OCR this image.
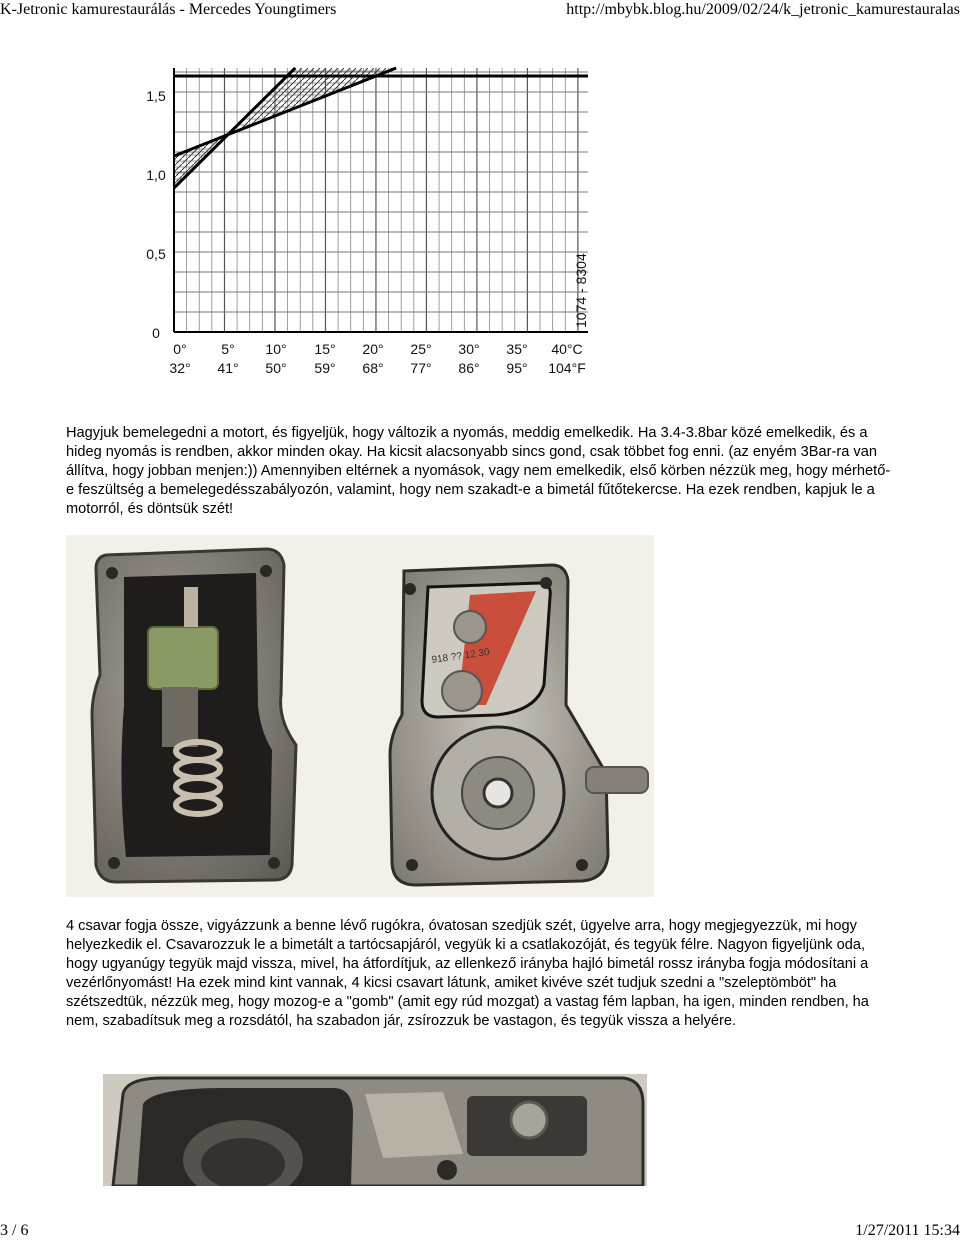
K-Jetronic kamurestaurálás - Mercedes Youngtimers	http://mbybk.blog.hu/2009/02/24/k_jetronic_kamurestauralas
0
0,5
1,0
1,5
0° 5° 10° 15° 20° 25° 30° 35° 40°C
32° 41° 50° 59° 68° 77° 86° 95° 104°F
1074 - 8304

Hagyjuk bemelegedni a motort, és figyeljük, hogy változik a nyomás, meddig emelkedik. Ha 3.4-3.8bar közé emelkedik, és a hideg nyomás is rendben, akkor minden okay. Ha kicsit alacsonyabb sincs gond, csak többet fog enni. (az enyém 3Bar-ra van állítva, hogy jobban menjen:)) Amennyiben eltérnek a nyomások, vagy nem emelkedik, első körben nézzük meg, hogy mérhető-e feszültség a bemelegedésszabályozón, valamint, hogy nem szakadt-e a bimetál fűtőtekercse. Ha ezek rendben, kapjuk le a motorról, és döntsük szét!

918 ?? 12 30

4 csavar fogja össze, vigyázzunk a benne lévő rugókra, óvatosan szedjük szét, ügyelve arra, hogy megjegyezzük, mi hogy helyezkedik el. Csavarozzuk le a bimetált a tartócsapjáról, vegyük ki a csatlakozóját, és tegyük félre. Nagyon figyeljünk oda, hogy ugyanúgy tegyük majd vissza, mivel, ha átfordítjuk, az ellenkező irányba hajló bimetál rossz irányba fogja módosítani a vezérlőnyomást! Ha ezek mind kint vannak, 4 kicsi csavart látunk, amiket kivéve szét tudjuk szedni a "szeleptömböt" ha szétszedtük, nézzük meg, hogy mozog-e a "gomb" (amit egy rúd mozgat) a vastag fém lapban, ha igen, minden rendben, ha nem, szabadítsuk meg a rozsdától, ha szabadon jár, zsírozzuk be vastagon, és tegyük vissza a helyére.

3 / 6	1/27/2011 15:34
